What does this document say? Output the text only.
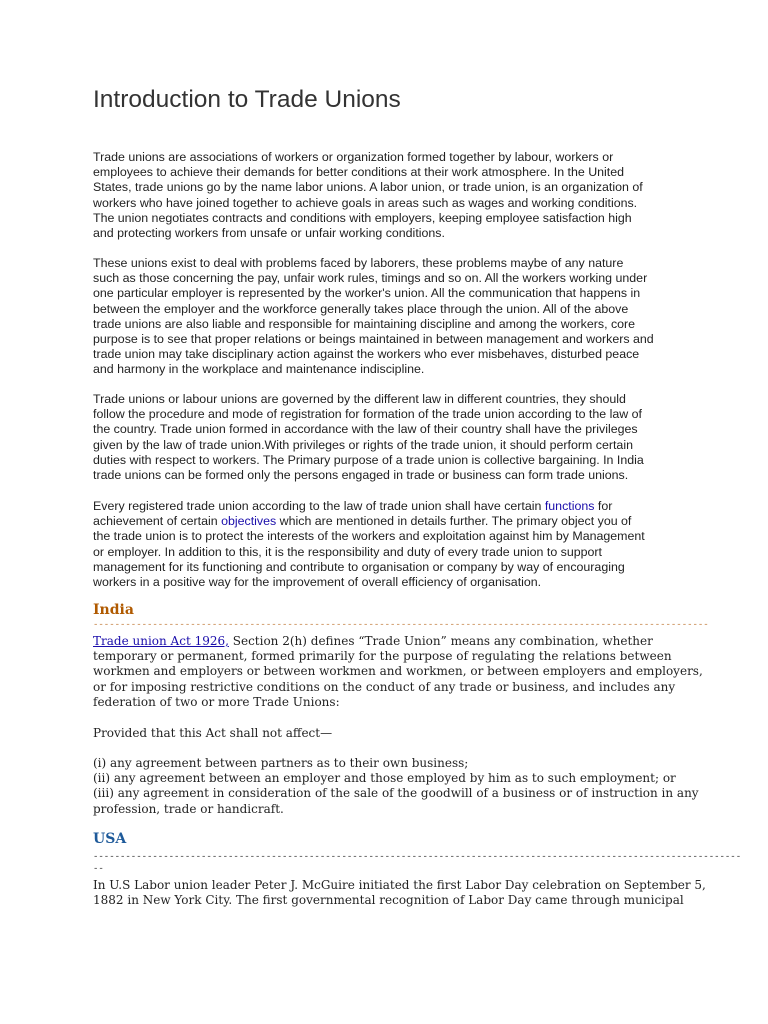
Introduction to Trade Unions
Trade unions are associations of workers or organization formed together by labour, workers or
employees to achieve their demands for better conditions at their work atmosphere. In the United
States, trade unions go by the name labor unions. A labor union, or trade union, is an organization of
workers who have joined together to achieve goals in areas such as wages and working conditions.
The union negotiates contracts and conditions with employers, keeping employee satisfaction high
and protecting workers from unsafe or unfair working conditions.
These unions exist to deal with problems faced by laborers, these problems maybe of any nature
such as those concerning the pay, unfair work rules, timings and so on. All the workers working under
one particular employer is represented by the worker's union. All the communication that happens in
between the employer and the workforce generally takes place through the union. All of the above
trade unions are also liable and responsible for maintaining discipline and among the workers, core
purpose is to see that proper relations or beings maintained in between management and workers and
trade union may take disciplinary action against the workers who ever misbehaves, disturbed peace
and harmony in the workplace and maintenance indiscipline.
Trade unions or labour unions are governed by the different law in different countries, they should
follow the procedure and mode of registration for formation of the trade union according to the law of
the country. Trade union formed in accordance with the law of their country shall have the privileges
given by the law of trade union.With privileges or rights of the trade union, it should perform certain
duties with respect to workers. The Primary purpose of a trade union is collective bargaining. In India
trade unions can be formed only the persons engaged in trade or business can form trade unions.
Every registered trade union according to the law of trade union shall have certain functions for
achievement of certain objectives which are mentioned in details further. The primary object you of
the trade union is to protect the interests of the workers and exploitation against him by Management
or employer. In addition to this, it is the responsibility and duty of every trade union to support
management for its functioning and contribute to organisation or company by way of encouraging
workers in a positive way for the improvement of overall efficiency of organisation.
India
------------------------------------------------------------------------------------------------------------------
Trade union Act 1926, Section 2(h) defines “Trade Union” means any combination, whether
temporary or permanent, formed primarily for the purpose of regulating the relations between
workmen and employers or between workmen and workmen, or between employers and employers,
or for imposing restrictive conditions on the conduct of any trade or business, and includes any
federation of two or more Trade Unions:
Provided that this Act shall not affect—
(i) any agreement between partners as to their own business;
(ii) any agreement between an employer and those employed by him as to such employment; or
(iii) any agreement in consideration of the sale of the goodwill of a business or of instruction in any
profession, trade or handicraft.
USA
------------------------------------------------------------------------------------------------------------------------
--
In U.S Labor union leader Peter J. McGuire initiated the first Labor Day celebration on September 5,
1882 in New York City. The first governmental recognition of Labor Day came through municipal
